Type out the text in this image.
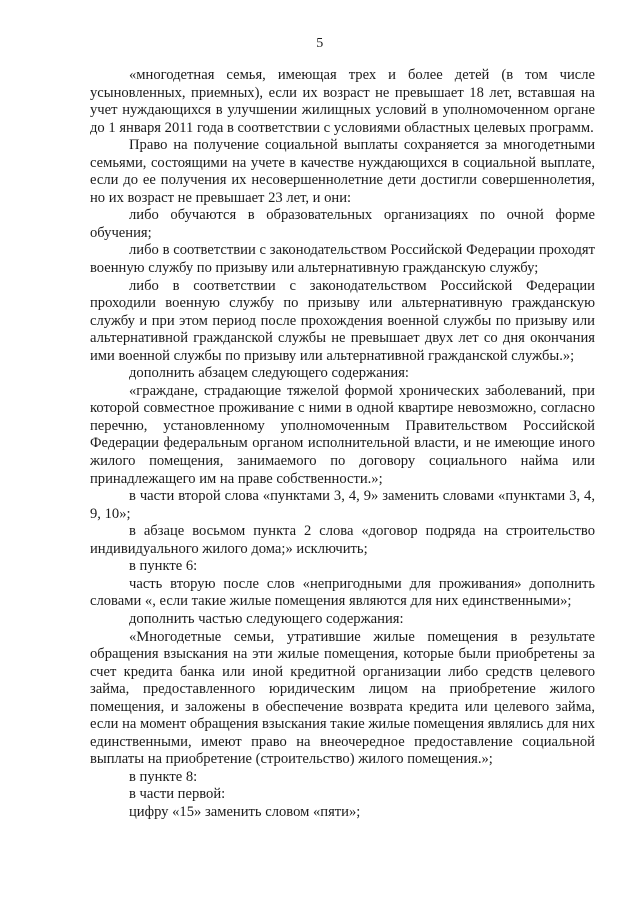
5

«многодетная семья, имеющая трех и более детей (в том числе усыновленных, приемных), если их возраст не превышает 18 лет, вставшая на учет нуждающихся в улучшении жилищных условий в уполномоченном органе до 1 января 2011 года в соответствии с условиями областных целевых программ.

Право на получение социальной выплаты сохраняется за многодетными семьями, состоящими на учете в качестве нуждающихся в социальной выплате, если до ее получения их несовершеннолетние дети достигли совершеннолетия, но их возраст не превышает 23 лет, и они:

либо обучаются в образовательных организациях по очной форме обучения;

либо в соответствии с законодательством Российской Федерации проходят военную службу по призыву или альтернативную гражданскую службу;

либо в соответствии с законодательством Российской Федерации проходили военную службу по призыву или альтернативную гражданскую службу и при этом период после прохождения военной службы по призыву или альтернативной гражданской службы не превышает двух лет со дня окончания ими военной службы по призыву или альтернативной гражданской службы.»;

дополнить абзацем следующего содержания:

«граждане, страдающие тяжелой формой хронических заболеваний, при которой совместное проживание с ними в одной квартире невозможно, согласно перечню, установленному уполномоченным Правительством Российской Федерации федеральным органом исполнительной власти, и не имеющие иного жилого помещения, занимаемого по договору социального найма или принадлежащего им на праве собственности.»;

в части второй слова «пунктами 3, 4, 9» заменить словами «пунктами 3, 4, 9, 10»;

в абзаце восьмом пункта 2 слова «договор подряда на строительство индивидуального жилого дома;» исключить;

в пункте 6:

часть вторую после слов «непригодными для проживания» дополнить словами «, если такие жилые помещения являются для них единственными»;

дополнить частью следующего содержания:

«Многодетные семьи, утратившие жилые помещения в результате обращения взыскания на эти жилые помещения, которые были приобретены за счет кредита банка или иной кредитной организации либо средств целевого займа, предоставленного юридическим лицом на приобретение жилого помещения, и заложены в обеспечение возврата кредита или целевого займа, если на момент обращения взыскания такие жилые помещения являлись для них единственными, имеют право на внеочередное предоставление социальной выплаты на приобретение (строительство) жилого помещения.»;

в пункте 8:

в части первой:

цифру «15» заменить словом «пяти»;
